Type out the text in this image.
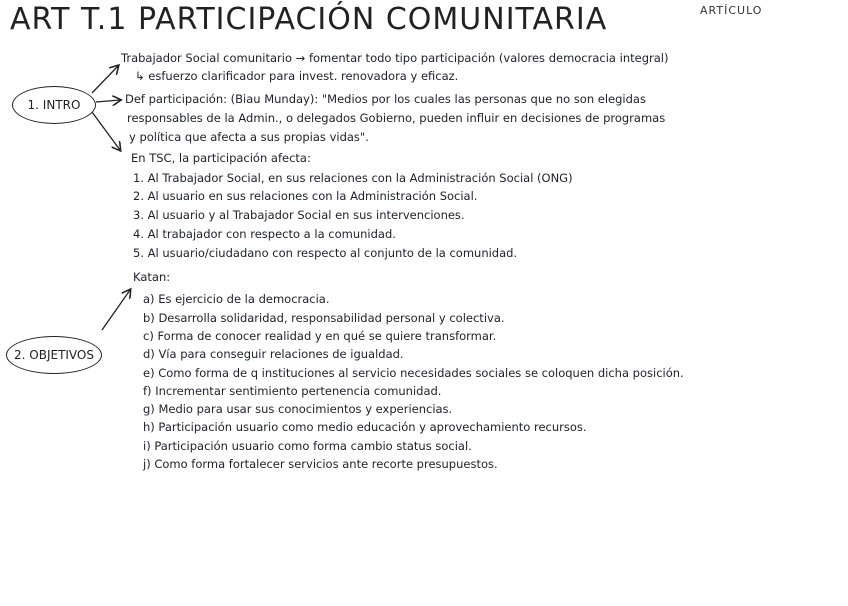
ART T.1 PARTICIPACIÓN COMUNITARIA	ARTÍCULO
1. INTRO
2. OBJETIVOS
Trabajador Social comunitario → fomentar todo tipo participación (valores democracia integral)
↳ esfuerzo clarificador para invest. renovadora y eficaz.
Def participación: (Biau Munday): "Medios por los cuales las personas que no son elegidas
responsables de la Admin., o delegados Gobierno, pueden influir en decisiones de programas
y política que afecta a sus propias vidas".
En TSC, la participación afecta:
1. Al Trabajador Social, en sus relaciones con la Administración Social (ONG)
2. Al usuario en sus relaciones con la Administración Social.
3. Al usuario y al Trabajador Social en sus intervenciones.
4. Al trabajador con respecto a la comunidad.
5. Al usuario/ciudadano con respecto al conjunto de la comunidad.
Katan:
a) Es ejercicio de la democracia.
b) Desarrolla solidaridad, responsabilidad personal y colectiva.
c) Forma de conocer realidad y en qué se quiere transformar.
d) Vía para conseguir relaciones de igualdad.
e) Como forma de q instituciones al servicio necesidades sociales se coloquen dicha posición.
f) Incrementar sentimiento pertenencia comunidad.
g) Medio para usar sus conocimientos y experiencias.
h) Participación usuario como medio educación y aprovechamiento recursos.
i) Participación usuario como forma cambio status social.
j) Como forma fortalecer servicios ante recorte presupuestos.
